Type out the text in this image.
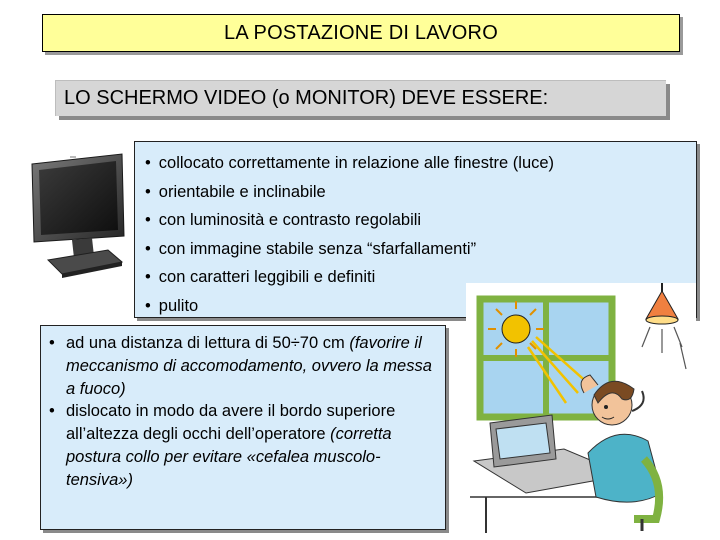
LA POSTAZIONE DI LAVORO
LO SCHERMO VIDEO (o MONITOR) DEVE ESSERE:
• collocato correttamente in relazione alle finestre (luce)
• orientabile e inclinabile
• con luminosità e contrasto regolabili
• con immagine stabile senza “sfarfallamenti”
• con caratteri leggibili e definiti
• pulito
• ad una distanza di lettura di 50÷70 cm (favorire il meccanismo di accomodamento, ovvero la messa a fuoco)
• dislocato in modo da avere il bordo superiore all’altezza degli occhi dell’operatore (corretta postura collo per evitare «cefalea muscolo-tensiva»)
